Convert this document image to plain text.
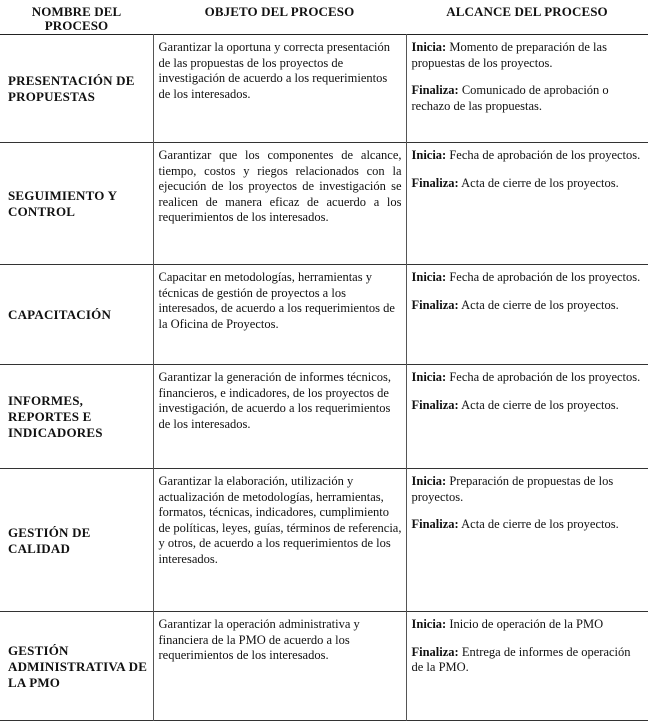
NOMBRE DEL PROCESO	OBJETO DEL PROCESO	ALCANCE DEL PROCESO
PRESENTACIÓN DE PROPUESTAS	Garantizar la oportuna y correcta presentación de las propuestas de los proyectos de investigación de acuerdo a los requerimientos de los interesados.	Inicia: Momento de preparación de las propuestas de los proyectos.

Finaliza: Comunicado de aprobación o rechazo de las propuestas.

SEGUIMIENTO Y CONTROL	Garantizar que los componentes de alcance, tiempo, costos y riegos relacionados con la ejecución de los proyectos de investigación se realicen de manera eficaz de acuerdo a los requerimientos de los interesados.	Inicia: Fecha de aprobación de los proyectos.

Finaliza: Acta de cierre de los proyectos.

CAPACITACIÓN	Capacitar en metodologías, herramientas y técnicas de gestión de proyectos a los interesados, de acuerdo a los requerimientos de la Oficina de Proyectos.	Inicia: Fecha de aprobación de los proyectos.

Finaliza: Acta de cierre de los proyectos.

INFORMES, REPORTES E INDICADORES	Garantizar la generación de informes técnicos, financieros, e indicadores, de los proyectos de investigación, de acuerdo a los requerimientos de los interesados.	Inicia: Fecha de aprobación de los proyectos.

Finaliza: Acta de cierre de los proyectos.

GESTIÓN DE CALIDAD	Garantizar la elaboración, utilización y actualización de metodologías, herramientas, formatos, técnicas, indicadores, cumplimiento de políticas, leyes, guías, términos de referencia, y otros, de acuerdo a los requerimientos de los interesados.	Inicia: Preparación de propuestas de los proyectos.

Finaliza: Acta de cierre de los proyectos.

GESTIÓN ADMINISTRATIVA DE LA PMO	Garantizar la operación administrativa y financiera de la PMO de acuerdo a los requerimientos de los interesados.	Inicia: Inicio de operación de la PMO

Finaliza: Entrega de informes de operación de la PMO.
